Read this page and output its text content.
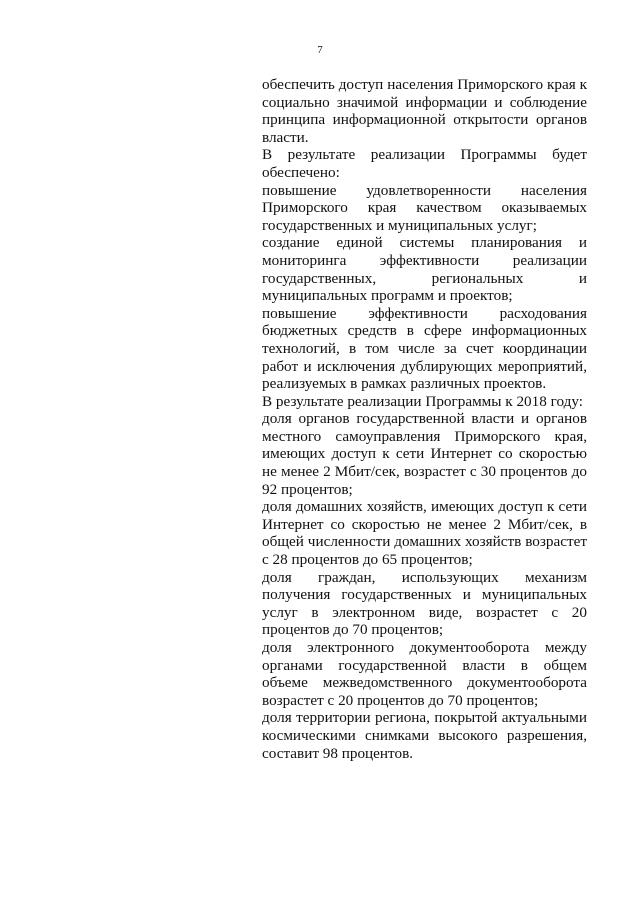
7

обеспечить доступ населения Приморского края к социально значимой информации и соблюдение принципа информационной открытости органов власти.

В результате реализации Программы будет обеспечено:

повышение удовлетворенности населения Приморского края качеством оказываемых государственных и муниципальных услуг;

создание единой системы планирования и мониторинга эффективности реализации государственных, региональных и муниципальных программ и проектов;

повышение эффективности расходования бюджетных средств в сфере информационных технологий, в том числе за счет координации работ и исключения дублирующих мероприятий, реализуемых в рамках различных проектов.

В результате реализации Программы к 2018 году:

доля органов государственной власти и органов местного самоуправления Приморского края, имеющих доступ к сети Интернет со скоростью не менее 2 Мбит/сек, возрастет с 30 процентов до 92 процентов;

доля домашних хозяйств, имеющих доступ к сети Интернет со скоростью не менее 2 Мбит/сек, в общей численности домашних хозяйств возрастет с 28 процентов до 65 процентов;

доля граждан, использующих механизм получения государственных и муниципальных услуг в электронном виде, возрастет с 20 процентов до 70 процентов;

доля электронного документооборота между органами государственной власти в общем объеме межведомственного документооборота возрастет с 20 процентов до 70 процентов;

доля территории региона, покрытой актуальными космическими снимками высокого разрешения, составит 98 процентов.
